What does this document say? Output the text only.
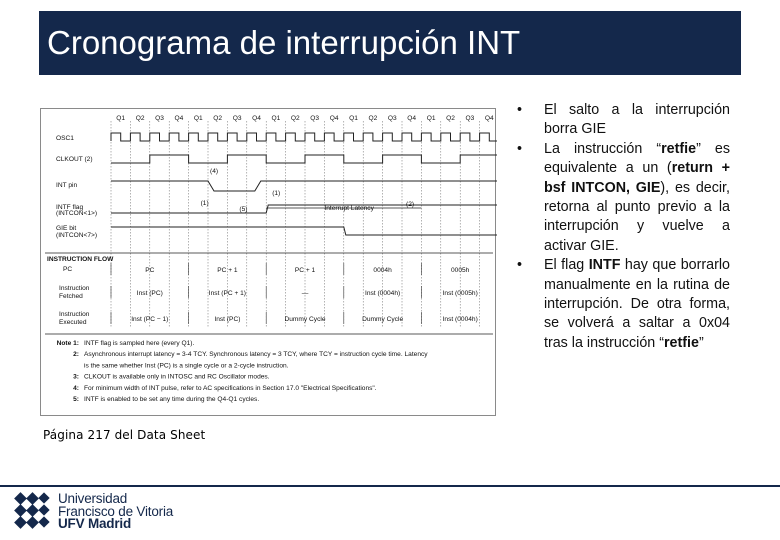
Cronograma de interrupción INT
Q1 Q2 Q3 Q4 Q1 Q2 Q3 Q4 Q1 Q2 Q3 Q4 Q1 Q2 Q3 Q4 Q1 Q2 Q3 Q4
OSC1
CLKOUT (2)
INT pin
INTF flag
(INTCON<1>)
GIE bit
(INTCON<7>)
(4)
(1)
(1)
(5)	Interrupt Latency
(2)
INSTRUCTION FLOW
PC	PC	PC + 1	PC + 1	0004h	0005h
Instruction
Fetched	Inst (PC)	Inst (PC + 1)	—	Inst (0004h)	Inst (0005h)
Instruction
Executed	Inst (PC − 1)	Inst (PC)	Dummy Cycle	Dummy Cycle	Inst (0004h)
Note 1: INTF flag is sampled here (every Q1).
2: Asynchronous interrupt latency = 3-4 TCY. Synchronous latency = 3 TCY, where TCY = instruction cycle time. Latency
is the same whether Inst (PC) is a single cycle or a 2-cycle instruction.
3: CLKOUT is available only in INTOSC and RC Oscillator modes.
4: For minimum width of INT pulse, refer to AC specifications in Section 17.0 "Electrical Specifications".
5: INTF is enabled to be set any time during the Q4-Q1 cycles.
Página 217 del Data Sheet
• El salto a la interrupción borra GIE
• La instrucción “retfie” es equivalente a un (return + bsf INTCON, GIE), es decir, retorna al punto previo a la interrupción y vuelve a activar GIE.
• El flag INTF hay que borrarlo manualmente en la rutina de interrupción. De otra forma, se volverá a saltar a 0x04 tras la instrucción “retfie”
Universidad
Francisco de Vitoria
UFV Madrid
